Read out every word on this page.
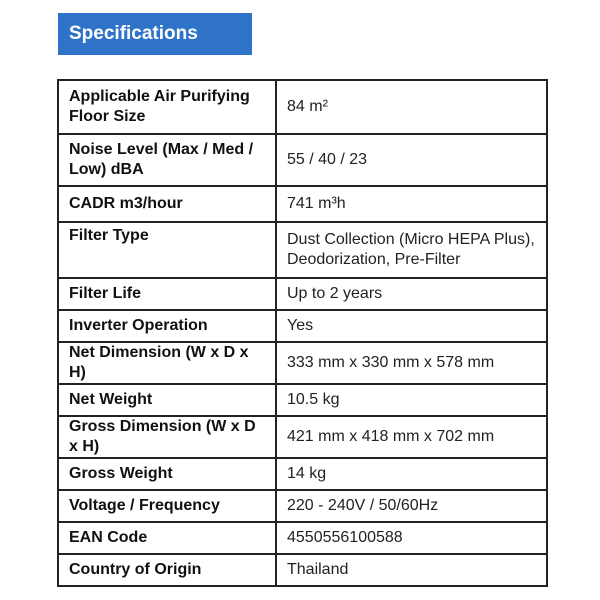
Specifications
Applicable Air Purifying Floor Size	84 m²
Noise Level (Max / Med / Low) dBA	55 / 40 / 23
CADR m3/hour	741 m³h
Filter Type	Dust Collection (Micro HEPA Plus), Deodorization, Pre-Filter
Filter Life	Up to 2 years
Inverter Operation	Yes
Net Dimension (W x D x H)	333 mm x 330 mm x 578 mm
Net Weight	10.5 kg
Gross Dimension (W x D x H)	421 mm x 418 mm x 702 mm
Gross Weight	14 kg
Voltage / Frequency	220 - 240V / 50/60Hz
EAN Code	4550556100588
Country of Origin	Thailand
